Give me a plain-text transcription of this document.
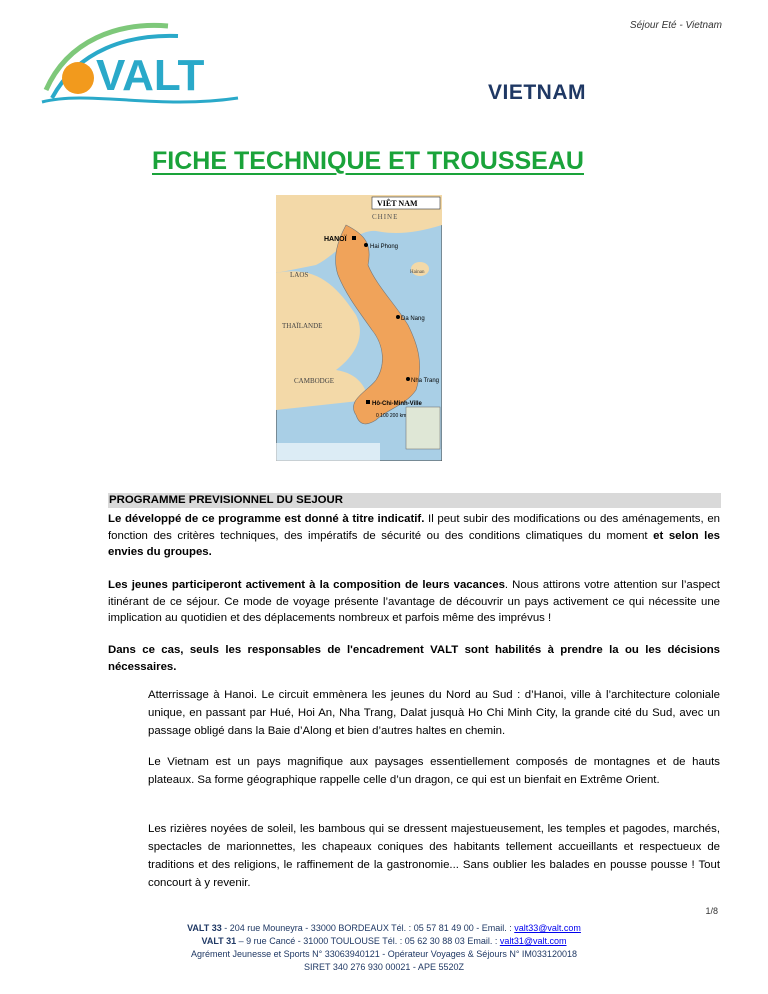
Séjour Eté - Vietnam
VALT	VIETNAM
FICHE TECHNIQUE ET TROUSSEAU
VIÊT NAM
CHINE
HANOÏ
Hai Phong
LAOS	Hainan
Da Nang
THAÏLANDE
CAMBODGE	Nha Trang
Hô-Chi-Minh-Ville
0 100 200 km
PROGRAMME PREVISIONNEL DU SEJOUR
Le développé de ce programme est donné à titre indicatif. Il peut subir des modifications ou des aménagements, en fonction des critères techniques, des impératifs de sécurité ou des conditions climatiques du moment et selon les envies du groupes.
Les jeunes participeront activement à la composition de leurs vacances. Nous attirons votre attention sur l’aspect itinérant de ce séjour. Ce mode de voyage présente l’avantage de découvrir un pays activement ce qui nécessite une implication au quotidien et des déplacements nombreux et parfois même des imprévus !
Dans ce cas, seuls les responsables de l'encadrement VALT sont habilités à prendre la ou les décisions nécessaires.
Atterrissage à Hanoi. Le circuit emmènera les jeunes du Nord au Sud : d’Hanoi, ville à l’architecture coloniale unique, en passant par Hué, Hoi An, Nha Trang, Dalat jusquà Ho Chi Minh City, la grande cité du Sud, avec un passage obligé dans la Baie d’Along et bien d’autres haltes en chemin.
Le Vietnam est un pays magnifique aux paysages essentiellement composés de montagnes et de hauts plateaux. Sa forme géographique rappelle celle d’un dragon, ce qui est un bienfait en Extrême Orient.
Les rizières noyées de soleil, les bambous qui se dressent majestueusement, les temples et pagodes, marchés, spectacles de marionnettes, les chapeaux coniques des habitants tellement accueillants et respectueux de traditions et des religions, le raffinement de la gastronomie... Sans oublier les balades en pousse pousse ! Tout concourt à y revenir.
1/8
VALT 33 - 204 rue Mouneyra - 33000 BORDEAUX Tél. : 05 57 81 49 00 - Email. : valt33@valt.com
VALT 31 – 9 rue Cancé - 31000 TOULOUSE Tél. : 05 62 30 88 03 Email. : valt31@valt.com
Agrément Jeunesse et Sports N° 33063940121 - Opérateur Voyages & Séjours N° IM033120018
SIRET 340 276 930 00021 - APE 5520Z
